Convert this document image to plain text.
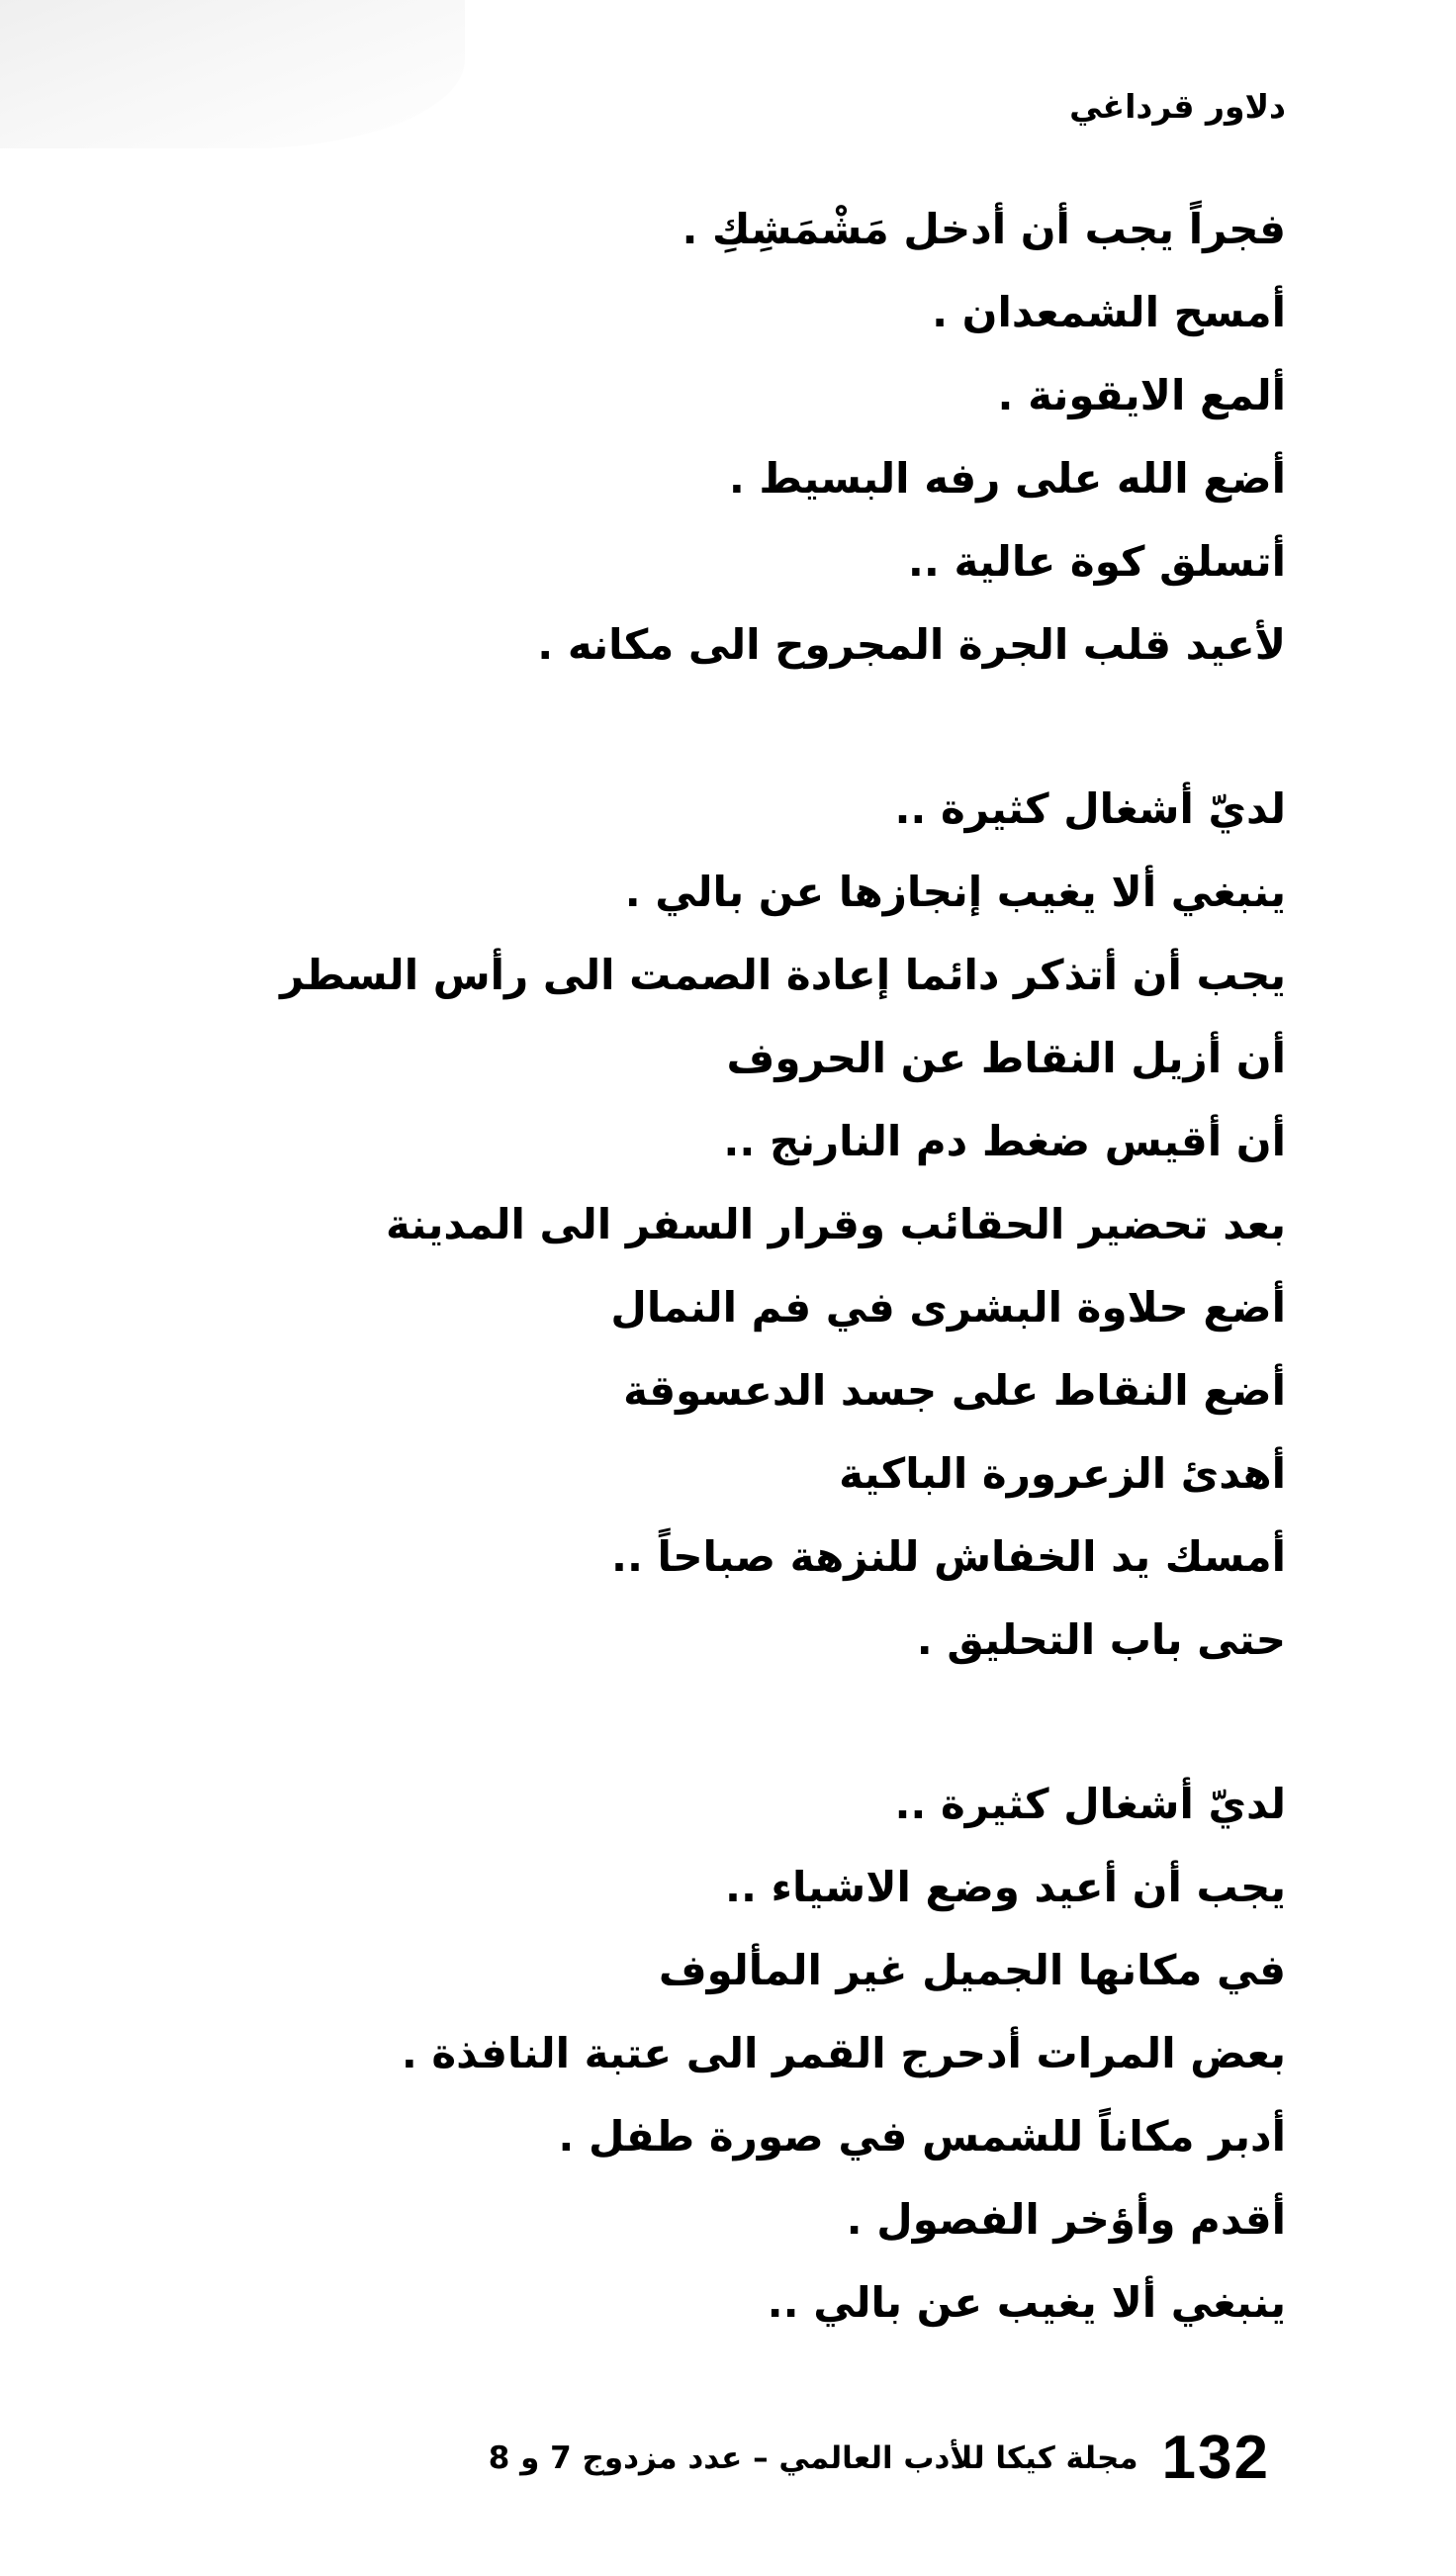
دلاور قرداغي
فجراً يجب أن أدخل مَشْمَشِكِ .
أمسح الشمعدان .
ألمع الايقونة .
أضع الله على رفه البسيط .
أتسلق كوة عالية ..
لأعيد قلب الجرة المجروح الى مكانه .
لديّ أشغال كثيرة ..
ينبغي ألا يغيب إنجازها عن بالي .
يجب أن أتذكر دائما إعادة الصمت الى رأس السطر
أن أزيل النقاط عن الحروف
أن أقيس ضغط دم النارنج ..
بعد تحضير الحقائب وقرار السفر الى المدينة
أضع حلاوة البشرى في فم النمال
أضع النقاط على جسد الدعسوقة
أهدئ الزعرورة الباكية
أمسك يد الخفاش للنزهة صباحاً ..
حتى باب التحليق .
لديّ أشغال كثيرة ..
يجب أن أعيد وضع الاشياء ..
في مكانها الجميل غير المألوف
بعض المرات أدحرج القمر الى عتبة النافذة .
أدبر مكاناً للشمس في صورة طفل .
أقدم وأؤخر الفصول .
ينبغي ألا يغيب عن بالي ..
132
مجلة كيكا للأدب العالمي – عدد مزدوج 7 و 8
